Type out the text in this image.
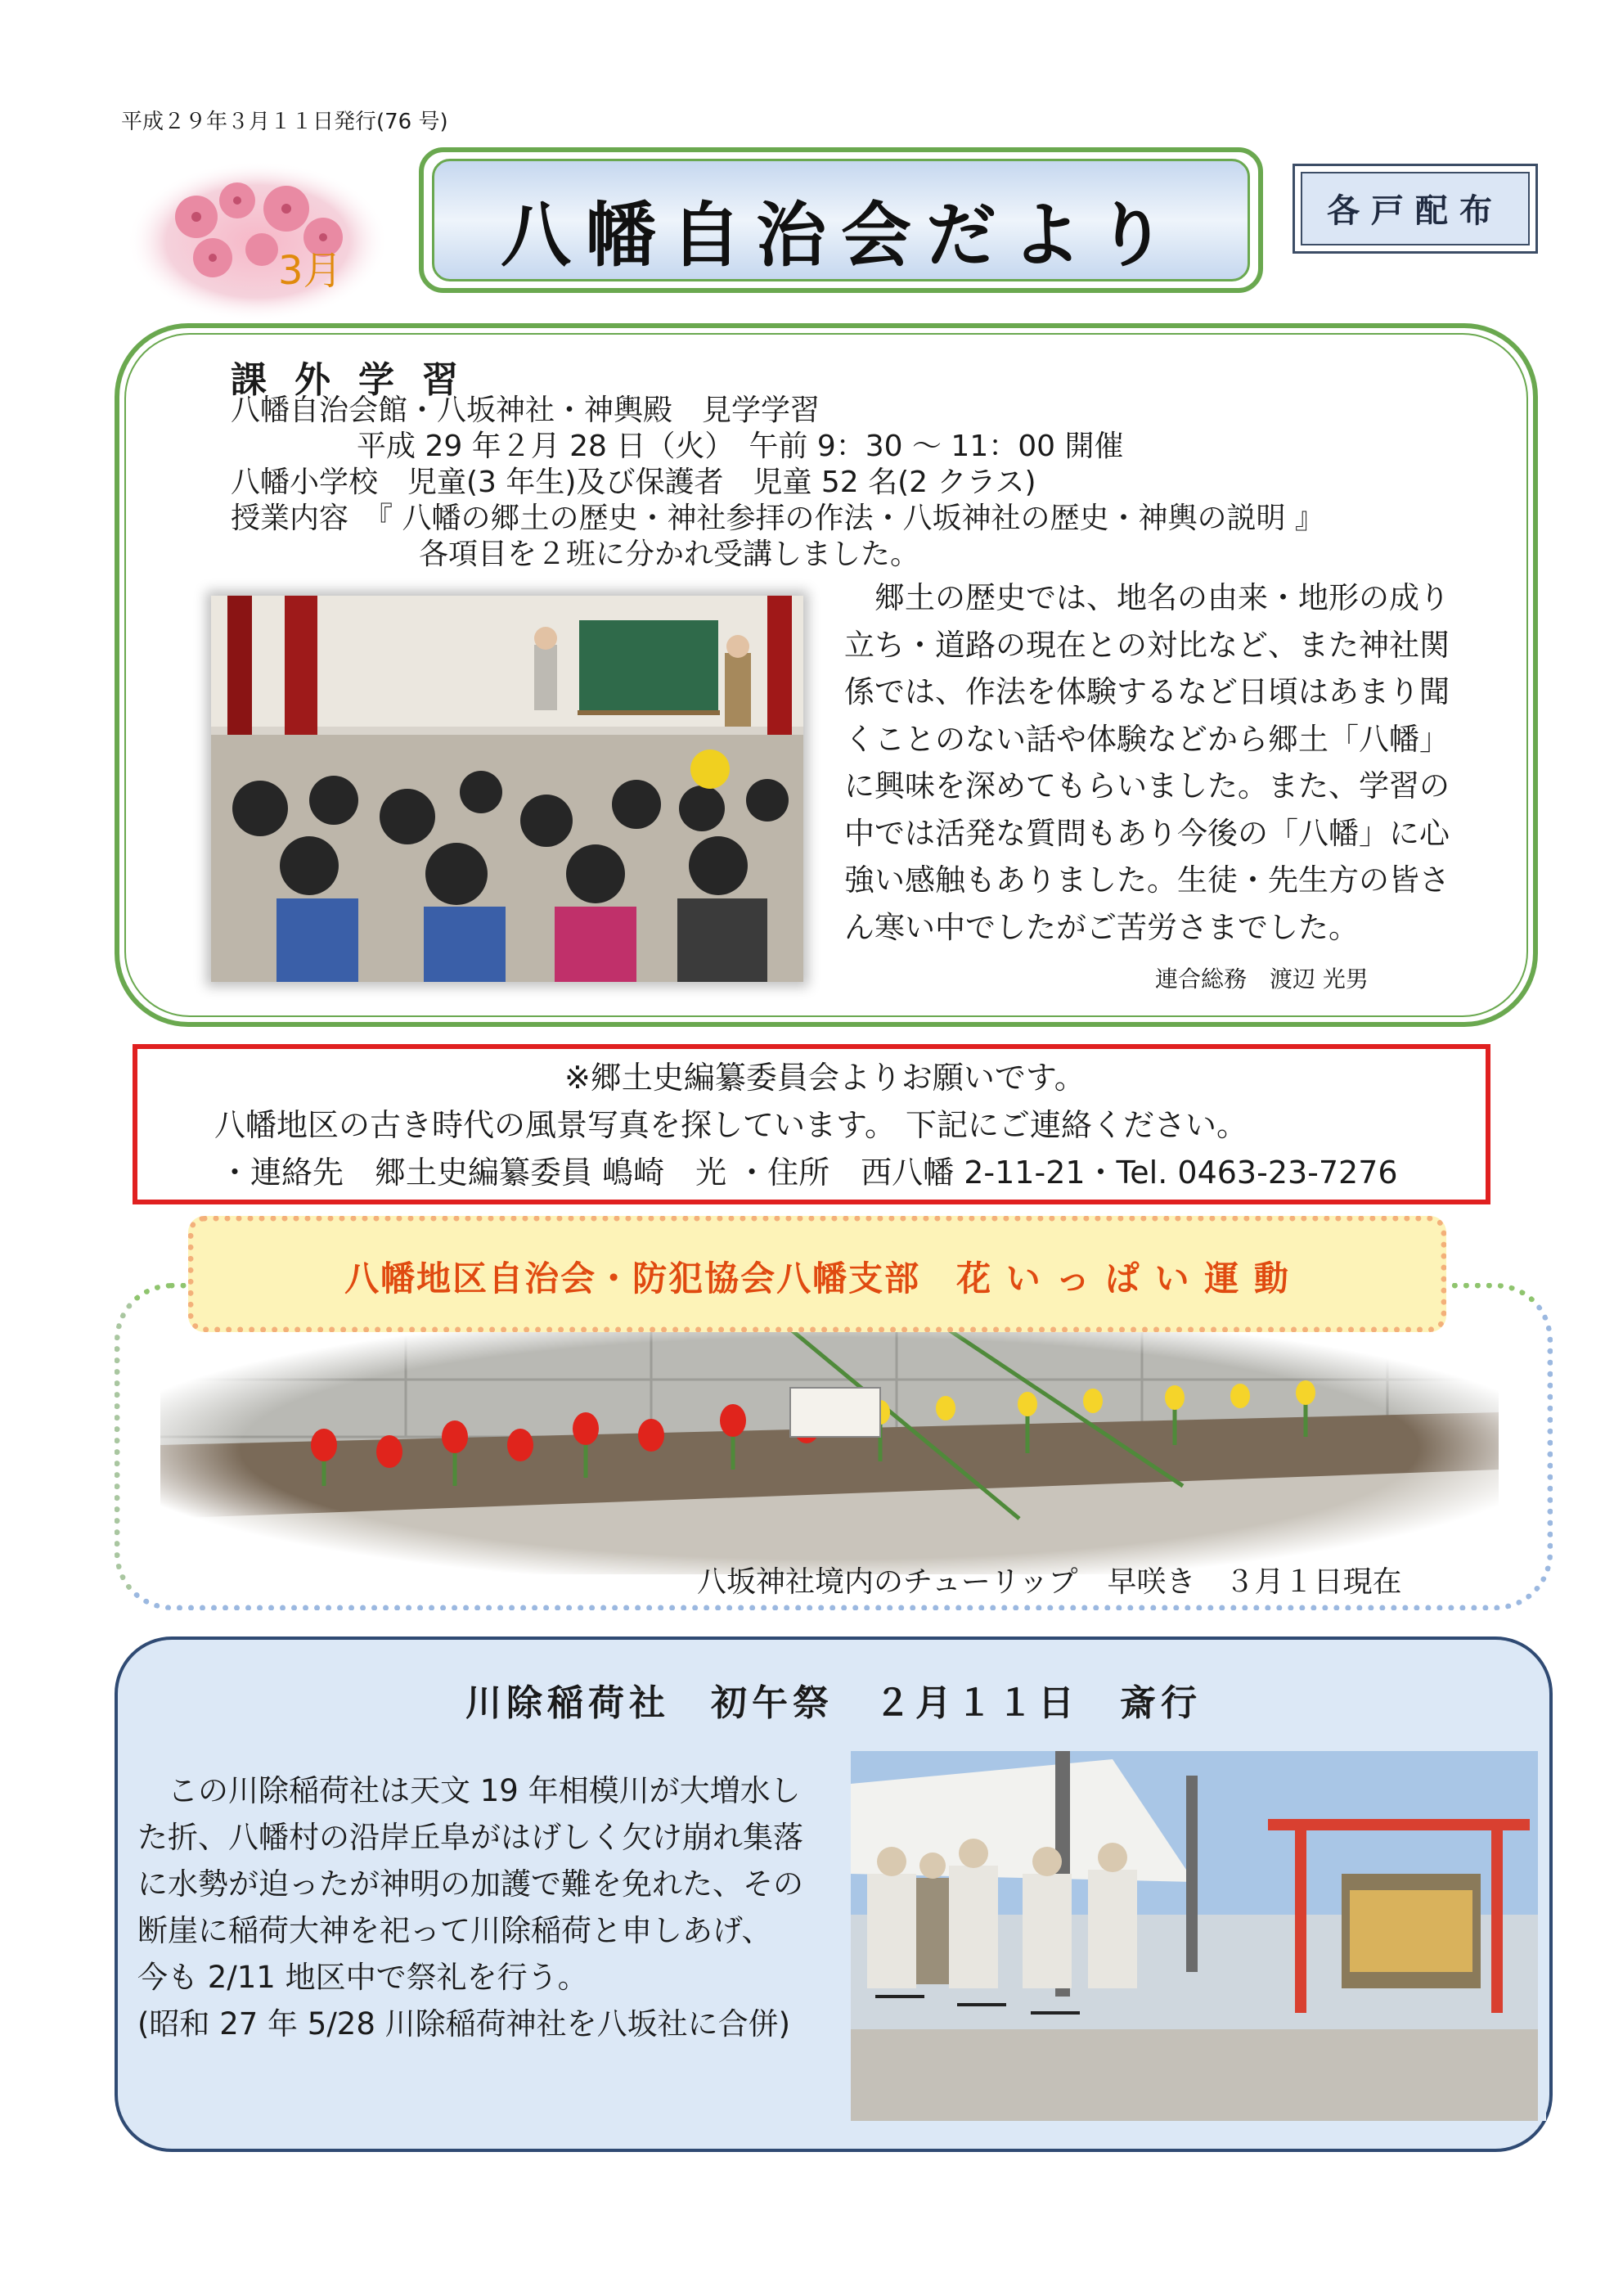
平成２９年３月１１日発行(76 号)
3月	八幡自治会だより	各戸配布
課外学習
八幡自治会館・八坂神社・神輿殿　見学学習
平成 29 年２月 28 日（火）　午前 9：30 ～ 11：00 開催
八幡小学校　児童(3 年生)及び保護者　児童 52 名(2 クラス)
授業内容　『 八幡の郷土の歴史・神社参拝の作法・八坂神社の歴史・神輿の説明 』
各項目を２班に分かれ受講しました。

　郷土の歴史では、地名の由来・地形の成り

立ち・道路の現在との対比など、また神社関

係では、作法を体験するなど日頃はあまり聞

くことのない話や体験などから郷土「八幡」

に興味を深めてもらいました。また、学習の

中では活発な質問もあり今後の「八幡」に心

強い感触もありました。生徒・先生方の皆さ

ん寒い中でしたがご苦労さまでした。

連合総務　渡辺 光男
※郷土史編纂委員会よりお願いです。
八幡地区の古き時代の風景写真を探しています。 下記にご連絡ください。
・連絡先　郷土史編纂委員 嶋崎　光 ・住所　西八幡 2-11-21・Tel. 0463-23-7276
八幡地区自治会・防犯協会八幡支部　花 い っ ぱ い 運 動
八坂神社境内のチューリップ　早咲き　３月１日現在
川除稲荷社　初午祭　２月１１日　斎行

　この川除稲荷社は天文 19 年相模川が大増水し

た折、八幡村の沿岸丘阜がはげしく欠け崩れ集落

に水勢が迫ったが神明の加護で難を免れた、その

断崖に稲荷大神を祀って川除稲荷と申しあげ、

今も 2/11 地区中で祭礼を行う。

(昭和 27 年 5/28 川除稲荷神社を八坂社に合併)
